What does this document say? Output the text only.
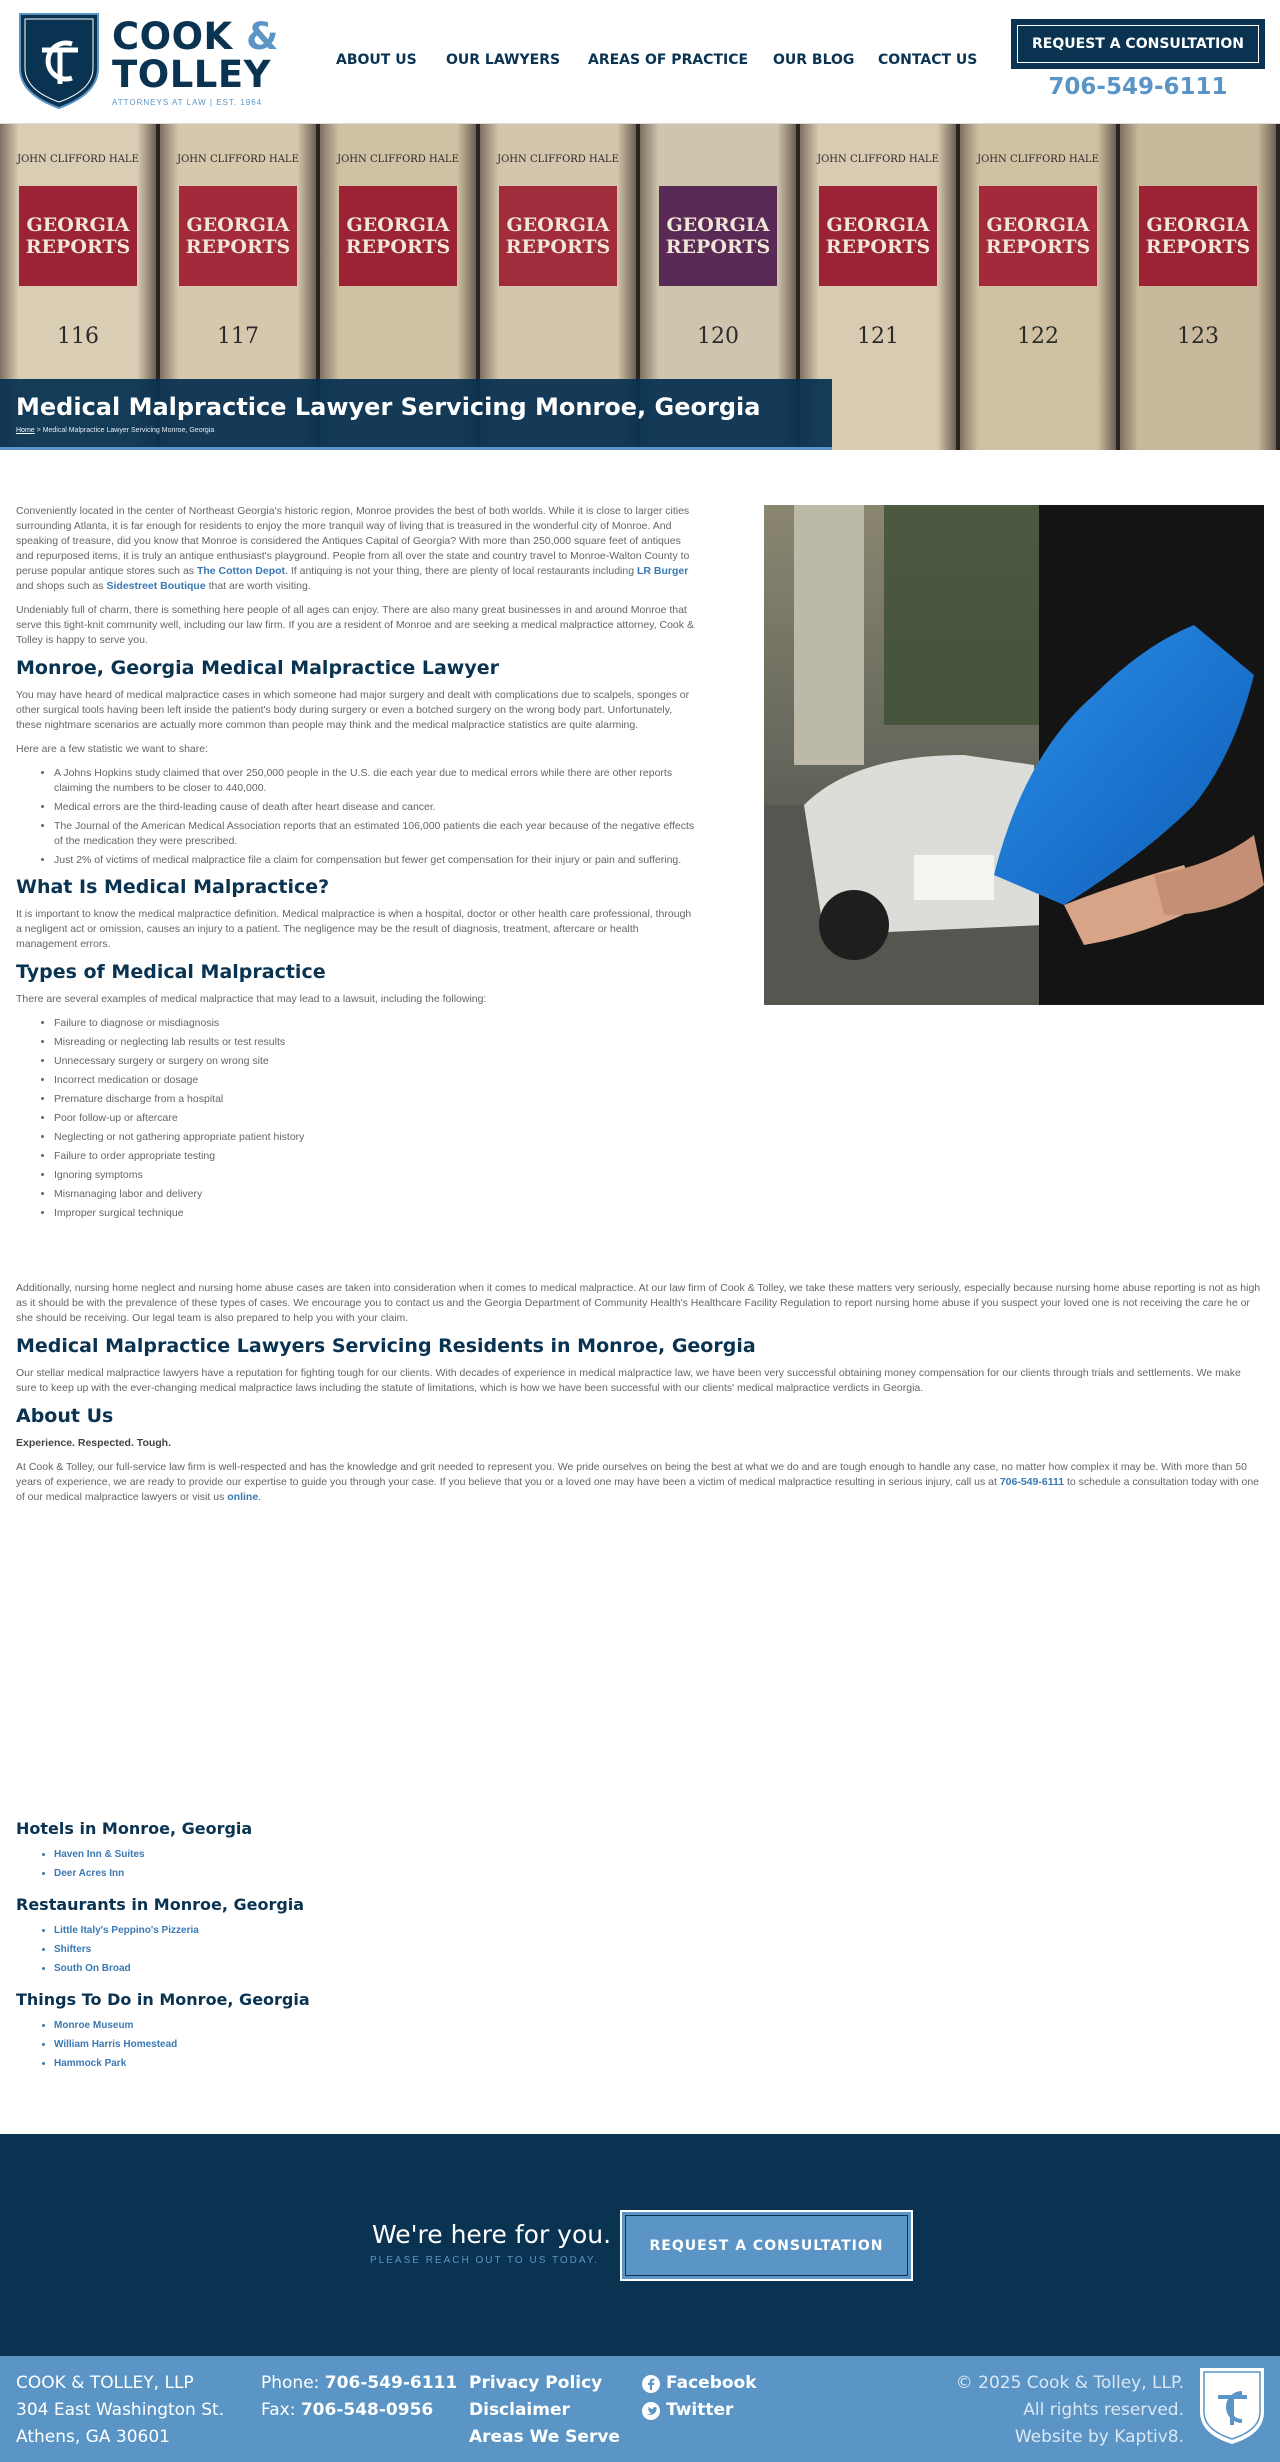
COOK &
TOLLEY
ATTORNEYS AT LAW | EST. 1964
ABOUT US OUR LAWYERS AREAS OF PRACTICE OUR BLOG CONTACT US
REQUEST A CONSULTATION
706-549-6111
JOHN CLIFFORD HALE
GEORGIA
REPORTS
116
JOHN CLIFFORD HALE
GEORGIA
REPORTS
117
JOHN CLIFFORD HALE
GEORGIA
REPORTS
JOHN CLIFFORD HALE
GEORGIA
REPORTS
GEORGIA
REPORTS
120
JOHN CLIFFORD HALE
GEORGIA
REPORTS
121
JOHN CLIFFORD HALE
GEORGIA
REPORTS
122
GEORGIA
REPORTS
123
Medical Malpractice Lawyer Servicing Monroe, Georgia
Home > Medical Malpractice Lawyer Servicing Monroe, Georgia

Conveniently located in the center of Northeast Georgia's historic region, Monroe provides the best of both worlds. While it is close to larger cities surrounding Atlanta, it is far enough for residents to enjoy the more tranquil way of living that is treasured in the wonderful city of Monroe. And speaking of treasure, did you know that Monroe is considered the Antiques Capital of Georgia? With more than 250,000 square feet of antiques and repurposed items, it is truly an antique enthusiast's playground. People from all over the state and country travel to Monroe-Walton County to peruse popular antique stores such as The Cotton Depot. If antiquing is not your thing, there are plenty of local restaurants including LR Burger and shops such as Sidestreet Boutique that are worth visiting.

Undeniably full of charm, there is something here people of all ages can enjoy. There are also many great businesses in and around Monroe that serve this tight-knit community well, including our law firm. If you are a resident of Monroe and are seeking a medical malpractice attorney, Cook & Tolley is happy to serve you.

Monroe, Georgia Medical Malpractice Lawyer

You may have heard of medical malpractice cases in which someone had major surgery and dealt with complications due to scalpels, sponges or other surgical tools having been left inside the patient's body during surgery or even a botched surgery on the wrong body part. Unfortunately, these nightmare scenarios are actually more common than people may think and the medical malpractice statistics are quite alarming.

Here are a few statistic we want to share:

• A Johns Hopkins study claimed that over 250,000 people in the U.S. die each year due to medical errors while there are other reports claiming the numbers to be closer to 440,000.
• Medical errors are the third-leading cause of death after heart disease and cancer.
• The Journal of the American Medical Association reports that an estimated 106,000 patients die each year because of the negative effects of the medication they were prescribed.
• Just 2% of victims of medical malpractice file a claim for compensation but fewer get compensation for their injury or pain and suffering.
What Is Medical Malpractice?

It is important to know the medical malpractice definition. Medical malpractice is when a hospital, doctor or other health care professional, through a negligent act or omission, causes an injury to a patient. The negligence may be the result of diagnosis, treatment, aftercare or health management errors.

Types of Medical Malpractice

There are several examples of medical malpractice that may lead to a lawsuit, including the following:

• Failure to diagnose or misdiagnosis
• Misreading or neglecting lab results or test results
• Unnecessary surgery or surgery on wrong site
• Incorrect medication or dosage
• Premature discharge from a hospital
• Poor follow-up or aftercare
• Neglecting or not gathering appropriate patient history
• Failure to order appropriate testing
• Ignoring symptoms
• Mismanaging labor and delivery
• Improper surgical technique

Additionally, nursing home neglect and nursing home abuse cases are taken into consideration when it comes to medical malpractice. At our law firm of Cook & Tolley, we take these matters very seriously, especially because nursing home abuse reporting is not as high as it should be with the prevalence of these types of cases. We encourage you to contact us and the Georgia Department of Community Health's Healthcare Facility Regulation to report nursing home abuse if you suspect your loved one is not receiving the care he or she should be receiving. Our legal team is also prepared to help you with your claim.

Medical Malpractice Lawyers Servicing Residents in Monroe, Georgia

Our stellar medical malpractice lawyers have a reputation for fighting tough for our clients. With decades of experience in medical malpractice law, we have been very successful obtaining money compensation for our clients through trials and settlements. We make sure to keep up with the ever-changing medical malpractice laws including the statute of limitations, which is how we have been successful with our clients' medical malpractice verdicts in Georgia.

About Us

Experience. Respected. Tough.

At Cook & Tolley, our full-service law firm is well-respected and has the knowledge and grit needed to represent you. We pride ourselves on being the best at what we do and are tough enough to handle any case, no matter how complex it may be. With more than 50 years of experience, we are ready to provide our expertise to guide you through your case. If you believe that you or a loved one may have been a victim of medical malpractice resulting in serious injury, call us at 706-549-6111 to schedule a consultation today with one of our medical malpractice lawyers or visit us online.

Hotels in Monroe, Georgia
• Haven Inn & Suites
• Deer Acres Inn
Restaurants in Monroe, Georgia
• Little Italy's Peppino's Pizzeria
• Shifters
• South On Broad
Things To Do in Monroe, Georgia
• Monroe Museum
• William Harris Homestead
• Hammock Park
We're here for you.
PLEASE REACH OUT TO US TODAY.
REQUEST A CONSULTATION
COOK & TOLLEY, LLP
304 East Washington St.
Athens, GA 30601
Phone: 706-549-6111
Fax: 706-548-0956
Privacy Policy
Disclaimer
Areas We Serve
Facebook
Twitter
© 2025 Cook & Tolley, LLP.
All rights reserved.
Website by Kaptiv8.
